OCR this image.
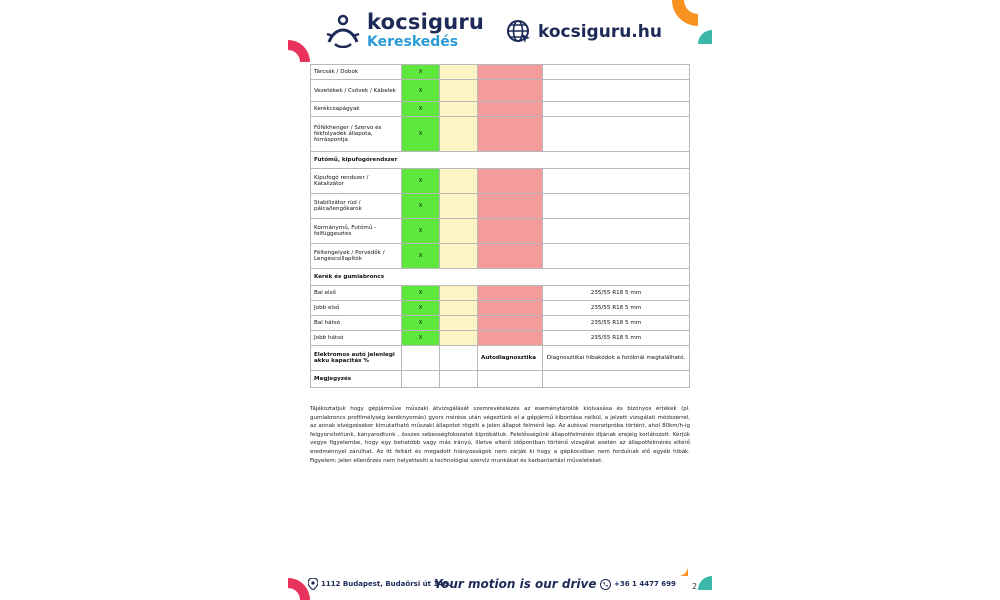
kocsiguru
Kereskedés	kocsiguru.hu
Tárcsák / Dobok	X			
Vezetékek / Csövek / Kábelek	X			
Kerékcsapágyak	X			
Főfékhenger / Szervo és fékfolyadék állapota, forráspontja	X			
Futómű, kipufogórendszer				
Kipufogó rendszer / Katalizátor	X			
Stabilizátor rúd / pálca/lengőkarok	X			
Kormánymű, Futómű - felfüggesztés	X			
Féltengelyek / Porvédők / Lengéscsillapítók	X			
Kerék és gumiabroncs				
Bal első	X			235/55 R18 5 mm
Jobb első	X			235/55 R18 5 mm
Bal hátsó	X			235/55 R18 5 mm
Jobb hátsó	X			235/55 R18 5 mm
Elektromos autó jelenlegi akku kapacitás %			Autodiagnosztika	Diagnosztikai hibakódok a fotóknál megtalálható.
Megjegyzés				
Tájékoztatjuk hogy gépjárműve műszaki átvizsgálását szemrevételezés az eseménytárolók kiolvasása és bizonyos értékek (pl. gumiabroncs profilmélység keréknyomás) gyors mérése után végeztünk el a gépjármű kibontása nélkül, a jelzett vizsgálati módszerrel, az annak elvégzésekor kimutatható műszaki állapotot rögzíti a jelen állapot felmérő lap. Az autóval menetpróba történt, ahol 80km/h-ig felgyorsítottunk, kanyarodtunk , összes sebességfokozatot kipróbáltuk. Felelősségünk állapotfelmérés díjának erejéig korlátozott. Kérjük vegye figyelembe, hogy egy behatóbb vagy más irányú, illetve eltérő időpontban történő vizsgálat esetén az állapotfelmérés eltérő eredménnyel zárulhat. Az itt feltárt és megadott hiányosságok nem zárják ki hogy a gépkocsiban nem fordulnak elő egyéb hibák. Figyelem: jelen ellenőrzés nem helyettesíti a technológiai szerviz munkákat és karbantartási műveleteket.
1112 Budapest, Budaörsi út 148.
Your motion is our drive	+36 1 4477 699 2
